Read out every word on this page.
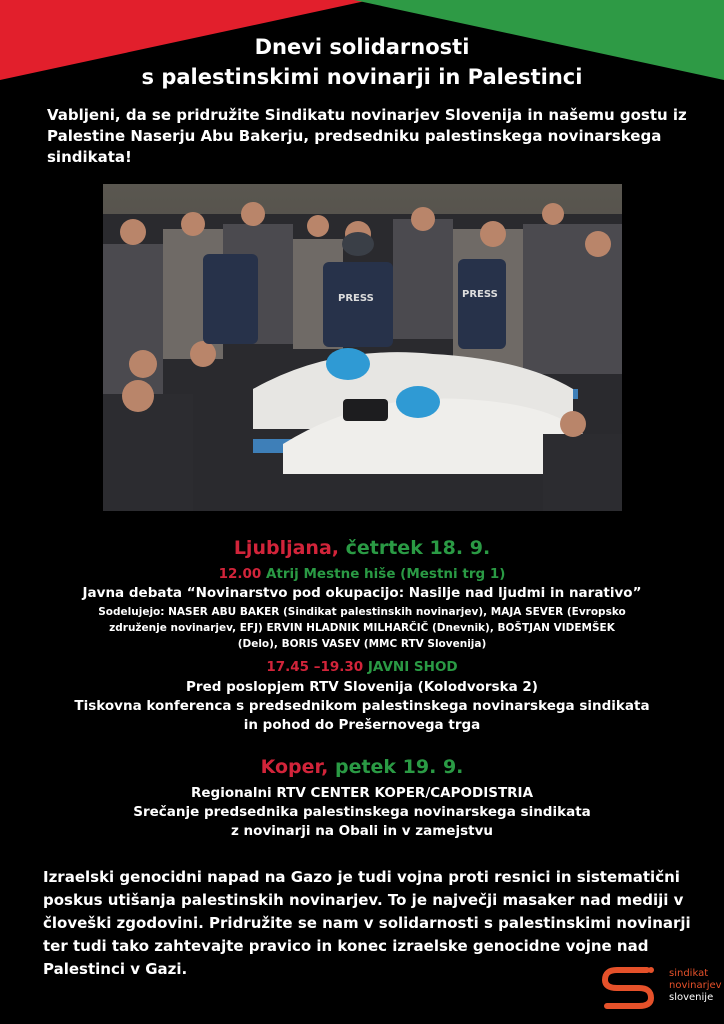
Dnevi solidarnosti
s palestinskimi novinarji in Palestinci
Vabljeni, da se pridružite Sindikatu novinarjev Slovenija in našemu gostu iz Palestine Naserju Abu Bakerju, predsedniku palestinskega novinarskega sindikata!
PRESS	PRESS
Ljubljana, četrtek 18. 9.
12.00 Atrij Mestne hiše (Mestni trg 1)
Javna debata “Novinarstvo pod okupacijo: Nasilje nad ljudmi in narativo”
Sodelujejo: NASER ABU BAKER (Sindikat palestinskih novinarjev), MAJA SEVER (Evropsko
združenje novinarjev, EFJ) ERVIN HLADNIK MILHARČIČ (Dnevnik), BOŠTJAN VIDEMŠEK
(Delo), BORIS VASEV (MMC RTV Slovenija)
17.45 –19.30 JAVNI SHOD
Pred poslopjem RTV Slovenija (Kolodvorska 2)
Tiskovna konferenca s predsednikom palestinskega novinarskega sindikata
in pohod do Prešernovega trga
Koper, petek 19. 9.
Regionalni RTV CENTER KOPER/CAPODISTRIA
Srečanje predsednika palestinskega novinarskega sindikata
z novinarji na Obali in v zamejstvu
Izraelski genocidni napad na Gazo je tudi vojna proti resnici in sistematični poskus utišanja palestinskih novinarjev. To je največji masaker nad mediji v človeški zgodovini. Pridružite se nam v solidarnosti s palestinskimi novinarji ter tudi tako zahtevajte pravico in konec izraelske genocidne vojne nad Palestinci v Gazi.	sindikat
novinarjev
slovenije
